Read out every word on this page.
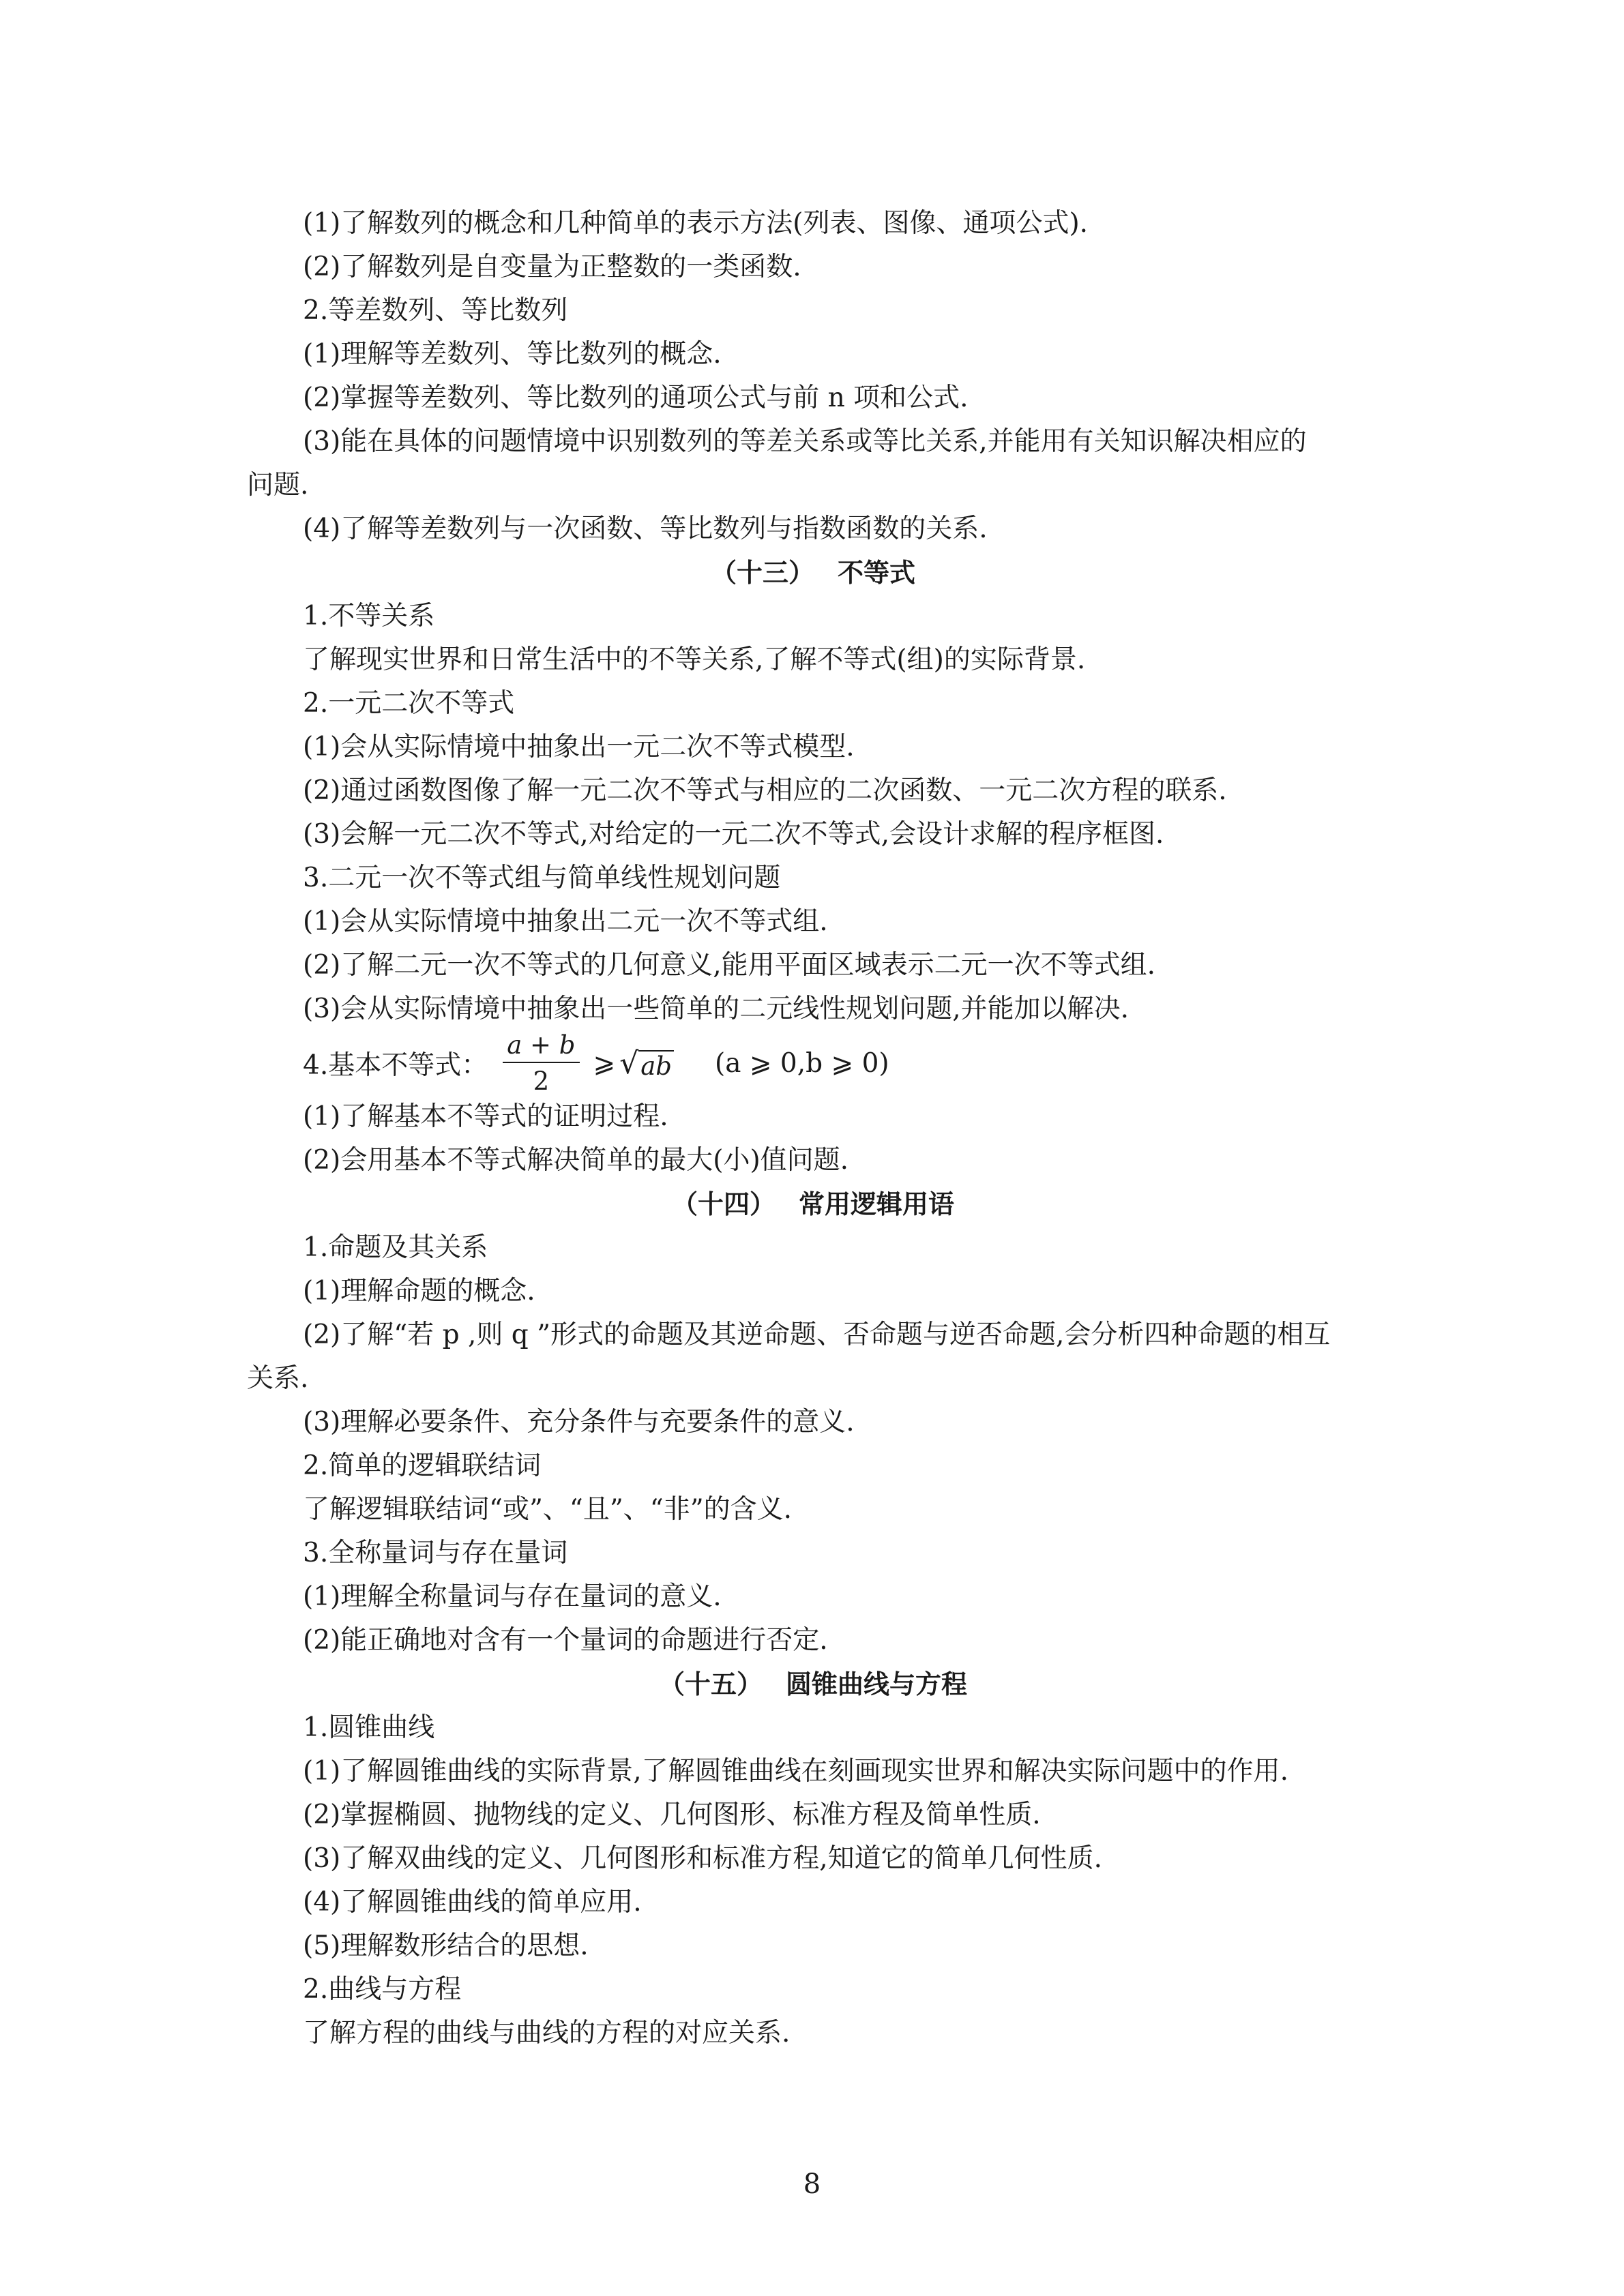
(1)了解数列的概念和几种简单的表示方法(列表、图像、通项公式).
(2)了解数列是自变量为正整数的一类函数.
2.等差数列、等比数列
(1)理解等差数列、等比数列的概念.
(2)掌握等差数列、等比数列的通项公式与前 n 项和公式.
(3)能在具体的问题情境中识别数列的等差关系或等比关系,并能用有关知识解决相应的
问题.
(4)了解等差数列与一次函数、等比数列与指数函数的关系.
（十三） 不等式
1.不等关系
了解现实世界和日常生活中的不等关系,了解不等式(组)的实际背景.
2.一元二次不等式
(1)会从实际情境中抽象出一元二次不等式模型.
(2)通过函数图像了解一元二次不等式与相应的二次函数、一元二次方程的联系.
(3)会解一元二次不等式,对给定的一元二次不等式,会设计求解的程序框图.
3.二元一次不等式组与简单线性规划问题
(1)会从实际情境中抽象出二元一次不等式组.
(2)了解二元一次不等式的几何意义,能用平面区域表示二元一次不等式组.
(3)会从实际情境中抽象出一些简单的二元线性规划问题,并能加以解决.
4.基本不等式： $\frac{a + b}{2}$ ⩾ √ ab (a ⩾ 0,b ⩾ 0)
(1)了解基本不等式的证明过程.
(2)会用基本不等式解决简单的最大(小)值问题.
（十四） 常用逻辑用语
1.命题及其关系
(1)理解命题的概念.
(2)了解“若 p ,则 q ”形式的命题及其逆命题、否命题与逆否命题,会分析四种命题的相互
关系.
(3)理解必要条件、充分条件与充要条件的意义.
2.简单的逻辑联结词
了解逻辑联结词“或”、“且”、“非”的含义.
3.全称量词与存在量词
(1)理解全称量词与存在量词的意义.
(2)能正确地对含有一个量词的命题进行否定.
（十五） 圆锥曲线与方程
1.圆锥曲线
(1)了解圆锥曲线的实际背景,了解圆锥曲线在刻画现实世界和解决实际问题中的作用.
(2)掌握椭圆、抛物线的定义、几何图形、标准方程及简单性质.
(3)了解双曲线的定义、几何图形和标准方程,知道它的简单几何性质.
(4)了解圆锥曲线的简单应用.
(5)理解数形结合的思想.
2.曲线与方程
了解方程的曲线与曲线的方程的对应关系.
8
